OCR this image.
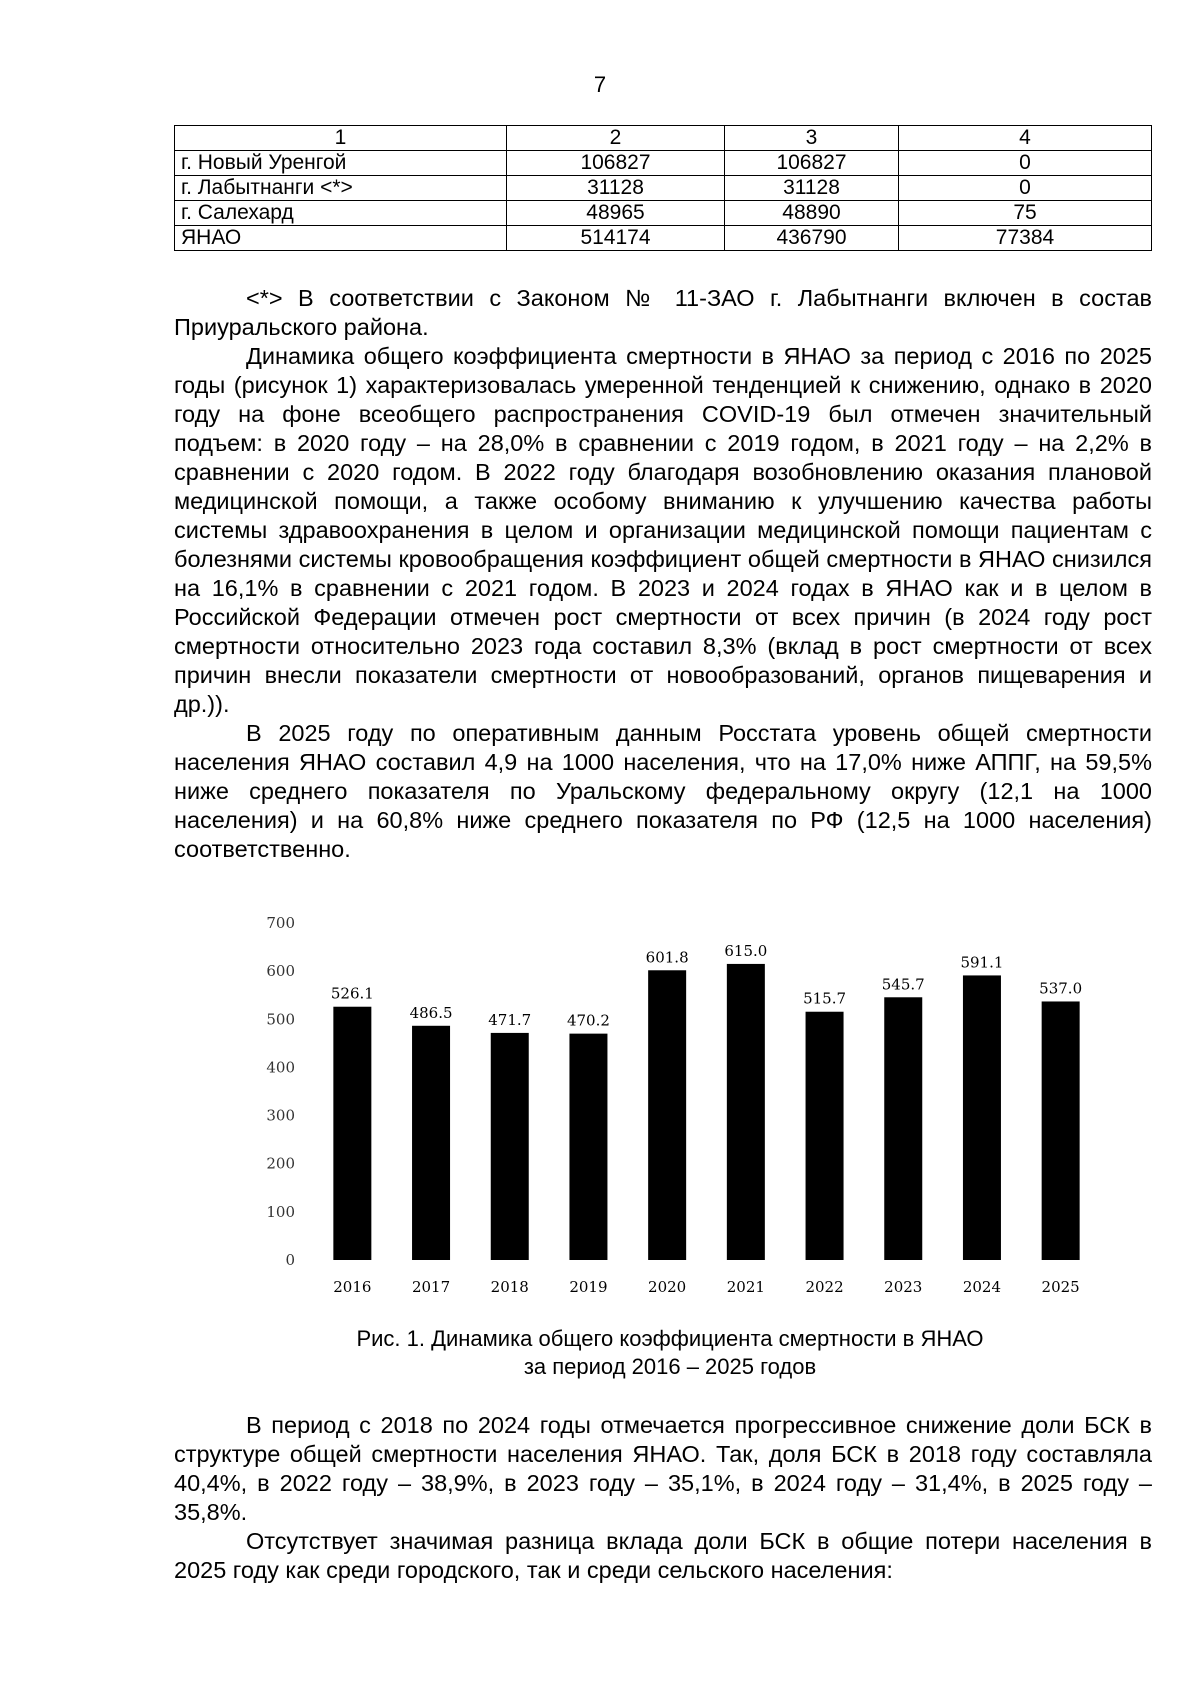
7
1	2	3	4
г. Новый Уренгой	106827	106827	0
г. Лабытнанги <*>	31128	31128	0
г. Салехард	48965	48890	75
ЯНАО	514174	436790	77384

<*> В соответствии с Законом № 11-ЗАО г. Лабытнанги включен в состав Приуральского района.

Динамика общего коэффициента смертности в ЯНАО за период с 2016 по 2025 годы (рисунок 1) характеризовалась умеренной тенденцией к снижению, однако в 2020 году на фоне всеобщего распространения COVID-19 был отмечен значительный подъем: в 2020 году – на 28,0% в сравнении с 2019 годом, в 2021 году – на 2,2% в сравнении с 2020 годом. В 2022 году благодаря возобновлению оказания плановой медицинской помощи, а также особому вниманию к улучшению качества работы системы здравоохранения в целом и организации медицинской помощи пациентам с болезнями системы кровообращения коэффициент общей смертности в ЯНАО снизился на 16,1% в сравнении с 2021 годом. В 2023 и 2024 годах в ЯНАО как и в целом в Российской Федерации отмечен рост смертности от всех причин (в 2024 году рост смертности относительно 2023 года составил 8,3% (вклад в рост смертности от всех причин внесли показатели смертности от новообразований, органов пищеварения и др.)).

В 2025 году по оперативным данным Росстата уровень общей смертности населения ЯНАО составил 4,9 на 1000 населения, что на 17,0% ниже АППГ, на 59,5% ниже среднего показателя по Уральскому федеральному округу (12,1 на 1000 населения) и на 60,8% ниже среднего показателя по РФ (12,5 на 1000 населения) соответственно.

0
100
200
300
400
500
600
700
526.1
2016
486.5
2017
471.7
2018
470.2
2019
601.8
2020
615.0
2021
515.7
2022
545.7
2023
591.1
2024
537.0
2025
Рис. 1. Динамика общего коэффициента смертности в ЯНАО
за период 2016 – 2025 годов

В период с 2018 по 2024 годы отмечается прогрессивное снижение доли БСК в структуре общей смертности населения ЯНАО. Так, доля БСК в 2018 году составляла 40,4%, в 2022 году – 38,9%, в 2023 году – 35,1%, в 2024 году – 31,4%, в 2025 году – 35,8%.

Отсутствует значимая разница вклада доли БСК в общие потери населения в 2025 году как среди городского, так и среди сельского населения:
